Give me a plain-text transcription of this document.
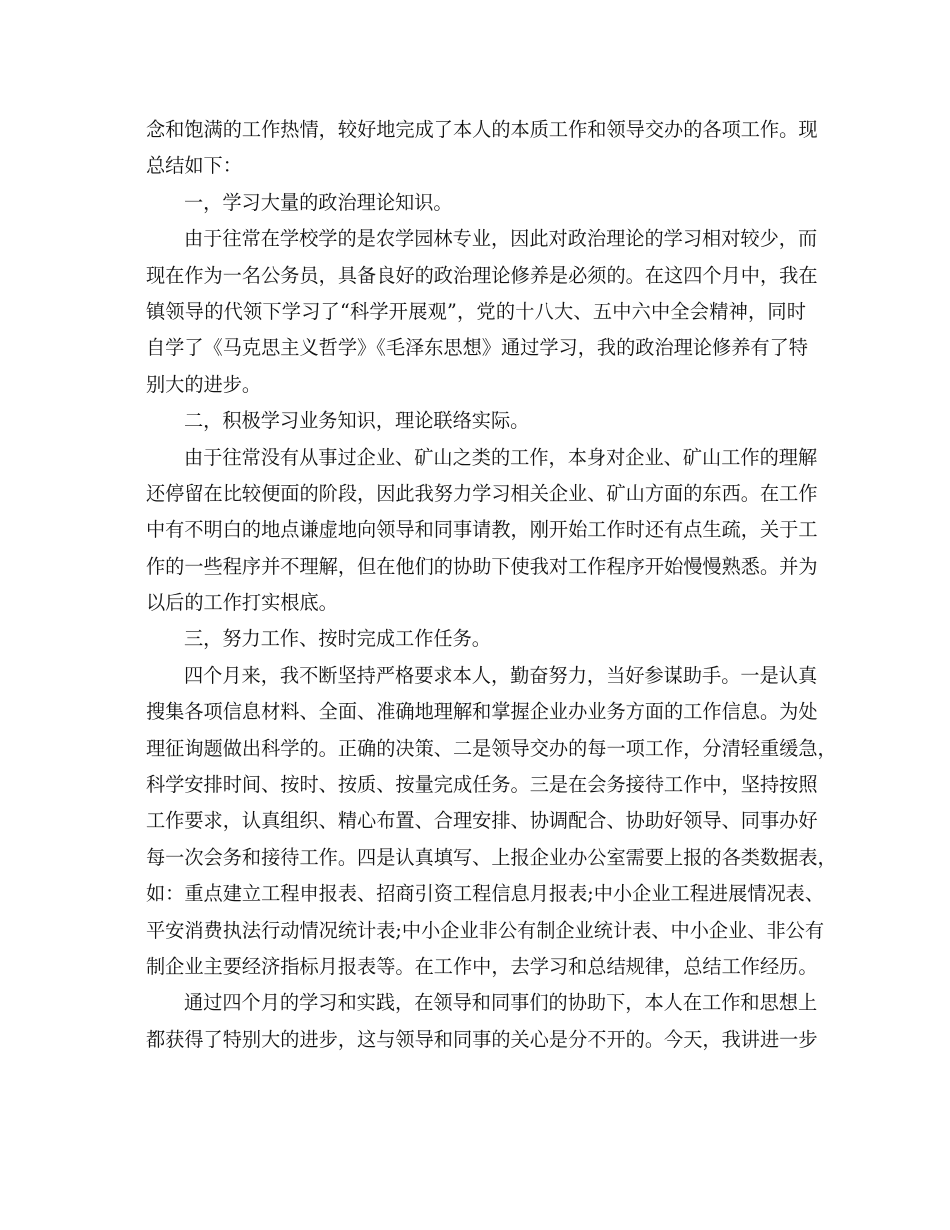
念和饱满的工作热情，较好地完成了本人的本质工作和领导交办的各项工作。现
总结如下：
一，学习大量的政治理论知识。
由于往常在学校学的是农学园林专业，因此对政治理论的学习相对较少，而
现在作为一名公务员，具备良好的政治理论修养是必须的。在这四个月中，我在
镇领导的代领下学习了“科学开展观”，党的十八大、五中六中全会精神，同时
自学了《马克思主义哲学》《毛泽东思想》通过学习，我的政治理论修养有了特
别大的进步。
二，积极学习业务知识，理论联络实际。
由于往常没有从事过企业、矿山之类的工作，本身对企业、矿山工作的理解
还停留在比较便面的阶段，因此我努力学习相关企业、矿山方面的东西。在工作
中有不明白的地点谦虚地向领导和同事请教，刚开始工作时还有点生疏，关于工
作的一些程序并不理解，但在他们的协助下使我对工作程序开始慢慢熟悉。并为
以后的工作打实根底。
三，努力工作、按时完成工作任务。
四个月来，我不断坚持严格要求本人，勤奋努力，当好参谋助手。一是认真
搜集各项信息材料、全面、准确地理解和掌握企业办业务方面的工作信息。为处
理征询题做出科学的。正确的决策、二是领导交办的每一项工作，分清轻重缓急，
科学安排时间、按时、按质、按量完成任务。三是在会务接待工作中，坚持按照
工作要求，认真组织、精心布置、合理安排、协调配合、协助好领导、同事办好
每一次会务和接待工作。四是认真填写、上报企业办公室需要上报的各类数据表，
如：重点建立工程申报表、招商引资工程信息月报表;中小企业工程进展情况表、
平安消费执法行动情况统计表;中小企业非公有制企业统计表、中小企业、非公有
制企业主要经济指标月报表等。在工作中，去学习和总结规律，总结工作经历。
通过四个月的学习和实践，在领导和同事们的协助下，本人在工作和思想上
都获得了特别大的进步，这与领导和同事的关心是分不开的。今天，我讲进一步
